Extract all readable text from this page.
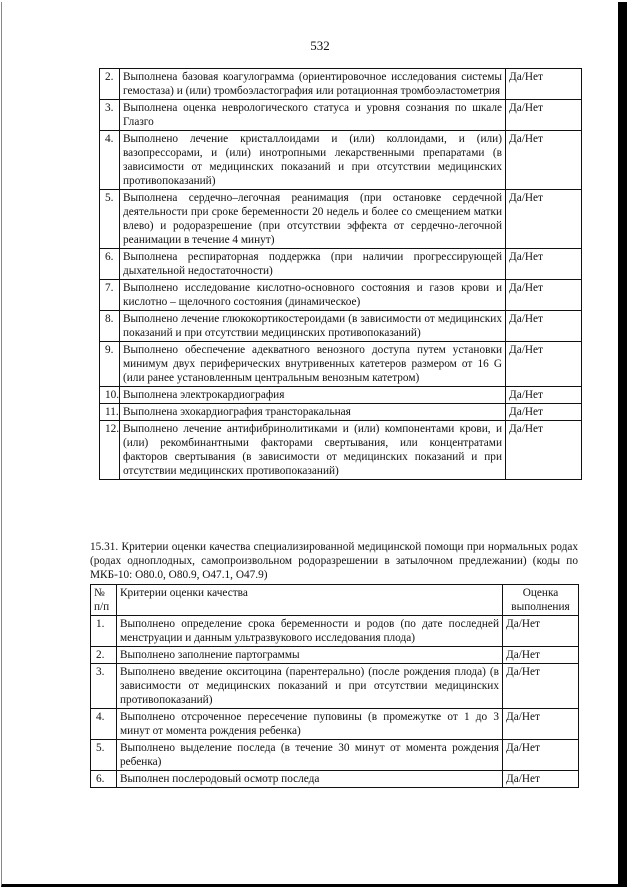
532
2.	Выполнена базовая коагулограмма (ориентировочное исследования системы гемостаза) и (или) тромбоэластография или ротационная тромбоэластометрия	Да/Нет
3.	Выполнена оценка неврологического статуса и уровня сознания по шкале Глазго	Да/Нет
4.	Выполнено лечение кристаллоидами и (или) коллоидами, и (или) вазопрессорами, и (или) инотропными лекарственными препаратами (в зависимости от медицинских показаний и при отсутствии медицинских противопоказаний)	Да/Нет
5.	Выполнена сердечно–легочная реанимация (при остановке сердечной деятельности при сроке беременности 20 недель и более со смещением матки влево) и родоразрешение (при отсутствии эффекта от сердечно-легочной реанимации в течение 4 минут)	Да/Нет
6.	Выполнена респираторная поддержка (при наличии прогрессирующей дыхательной недостаточности)	Да/Нет
7.	Выполнено исследование кислотно-основного состояния и газов крови и кислотно – щелочного состояния (динамическое)	Да/Нет
8.	Выполнено лечение глюкокортикостероидами (в зависимости от медицинских показаний и при отсутствии медицинских противопоказаний)	Да/Нет
9.	Выполнено обеспечение адекватного венозного доступа путем установки минимум двух периферических внутривенных катетеров размером от 16 G (или ранее установленным центральным венозным катетром)	Да/Нет
10.	Выполнена электрокардиография	Да/Нет
11.	Выполнена эхокардиография трансторакальная	Да/Нет
12.	Выполнено лечение антифибринолитиками и (или) компонентами крови, и (или) рекомбинантными факторами свертывания, или концентратами факторов свертывания (в зависимости от медицинских показаний и при отсутствии медицинских противопоказаний)	Да/Нет
15.31. Критерии оценки качества специализированной медицинской помощи при нормальных родах (родах одноплодных, самопроизвольном родоразрешении в затылочном предлежании) (коды по МКБ-10: O80.0, O80.9, O47.1, O47.9)
№ п/п	Критерии оценки качества	Оценка выполнения
1.	Выполнено определение срока беременности и родов (по дате последней менструации и данным ультразвукового исследования плода)	Да/Нет
2.	Выполнено заполнение партограммы	Да/Нет
3.	Выполнено введение окситоцина (парентерально) (после рождения плода) (в зависимости от медицинских показаний и при отсутствии медицинских противопоказаний)	Да/Нет
4.	Выполнено отсроченное пересечение пуповины (в промежутке от 1 до 3 минут от момента рождения ребенка)	Да/Нет
5.	Выполнено выделение последа (в течение 30 минут от момента рождения ребенка)	Да/Нет
6.	Выполнен послеродовый осмотр последа	Да/Нет
